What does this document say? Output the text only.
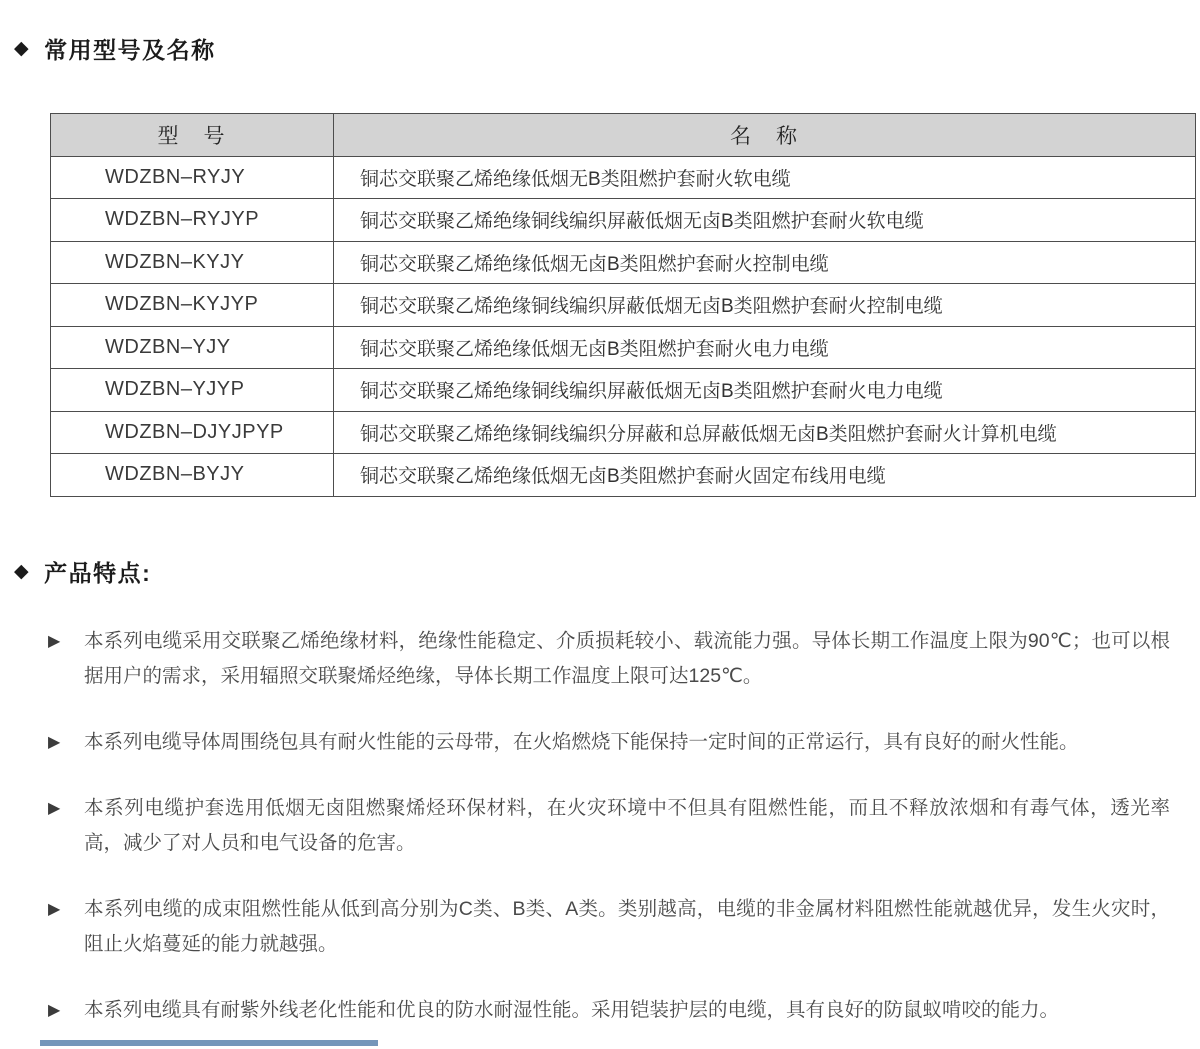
◆ 常用型号及名称
型　号	名　称
WDZBN–RYJY	铜芯交联聚乙烯绝缘低烟无B类阻燃护套耐火软电缆
WDZBN–RYJYP	铜芯交联聚乙烯绝缘铜线编织屏蔽低烟无卤B类阻燃护套耐火软电缆
WDZBN–KYJY	铜芯交联聚乙烯绝缘低烟无卤B类阻燃护套耐火控制电缆
WDZBN–KYJYP	铜芯交联聚乙烯绝缘铜线编织屏蔽低烟无卤B类阻燃护套耐火控制电缆
WDZBN–YJY	铜芯交联聚乙烯绝缘低烟无卤B类阻燃护套耐火电力电缆
WDZBN–YJYP	铜芯交联聚乙烯绝缘铜线编织屏蔽低烟无卤B类阻燃护套耐火电力电缆
WDZBN–DJYJPYP	铜芯交联聚乙烯绝缘铜线编织分屏蔽和总屏蔽低烟无卤B类阻燃护套耐火计算机电缆
WDZBN–BYJY	铜芯交联聚乙烯绝缘低烟无卤B类阻燃护套耐火固定布线用电缆
◆ 产品特点:
▶	本系列电缆采用交联聚乙烯绝缘材料，绝缘性能稳定、介质损耗较小、载流能力强。导体长期工作温度上限为90℃；也可以根据用户的需求，采用辐照交联聚烯烃绝缘，导体长期工作温度上限可达125℃。

▶	本系列电缆导体周围绕包具有耐火性能的云母带，在火焰燃烧下能保持一定时间的正常运行，具有良好的耐火性能。

▶	本系列电缆护套选用低烟无卤阻燃聚烯烃环保材料，在火灾环境中不但具有阻燃性能，而且不释放浓烟和有毒气体，透光率高，减少了对人员和电气设备的危害。

▶	本系列电缆的成束阻燃性能从低到高分别为C类、B类、A类。类别越高，电缆的非金属材料阻燃性能就越优异，发生火灾时，阻止火焰蔓延的能力就越强。

▶	本系列电缆具有耐紫外线老化性能和优良的防水耐湿性能。采用铠装护层的电缆，具有良好的防鼠蚁啃咬的能力。
